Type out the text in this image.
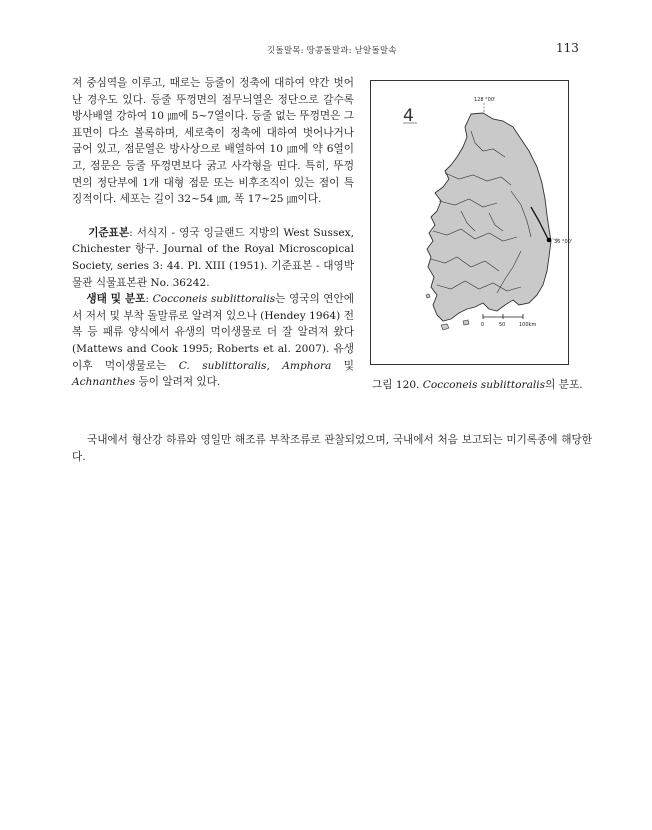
깃돌말목: 땅콩돌말과: 낟알돌말속	113

져 중심역을 이루고, 때로는 등줄이 정축에 대하여 약간 벗어난 경우도 있다. 등줄 뚜껑면의 점무늬열은 정단으로 갈수록 방사배열 강하여 10 ㎛에 5~7열이다. 등줄 없는 뚜껑면은 그 표면이 다소 볼록하며, 세로축이 정축에 대하여 벗어나거나 굽어 있고, 점문열은 방사상으로 배열하여 10 ㎛에 약 6열이고, 점문은 등줄 뚜껑면보다 굵고 사각형을 띤다. 특히, 뚜껑면의 정단부에 1개 대형 점문 또는 비후조직이 있는 점이 특징적이다. 세포는 길이 32~54 ㎛, 폭 17~25 ㎛이다.

기준표본: 서식지 - 영국 잉글랜드 지방의 West Sussex, Chichester 항구. Journal of the Royal Microscopical Society, series 3: 44. Pl. XIII (1951). 기준표본 - 대영박물관 식물표본관 No. 36242.

생태 및 분포: Cocconeis sublittoralis는 영국의 연안에서 저서 및 부착 돌말류로 알려져 있으나 (Hendey 1964) 전복 등 패류 양식에서 유생의 먹이생물로 더 잘 알려져 왔다 (Mattews and Cook 1995; Roberts et al. 2007). 유생 이후 먹이생물로는 C. sublittoralis, Amphora 및 Achnanthes 등이 알려져 있다.

국내에서 형산강 하류와 영일만 해조류 부착조류로 관찰되었으며, 국내에서 처음 보고되는 미기록종에 해당한다.
4
128 °00'
36 °00'
0	50	100km
그림 120. Cocconeis sublittoralis의 분포.
